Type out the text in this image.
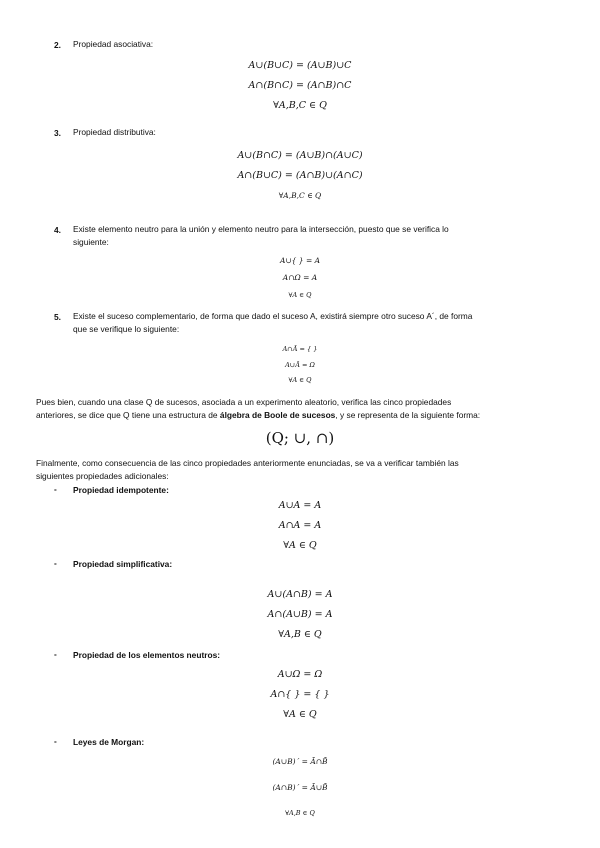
2. Propiedad asociativa:
A∪(B∪C) = (A∪B)∪C
A∩(B∩C) = (A∩B)∩C
∀A,B,C ∈ Q
3. Propiedad distributiva:
A∪(B∩C) = (A∪B)∩(A∪C)
A∩(B∪C) = (A∩B)∪(A∩C)
∀A,B,C ∈ Q
4. Existe elemento neutro para la unión y elemento neutro para la intersección, puesto que se verifica lo
siguiente:
A∪{ } = A
A∩Ω = A
∀A ∈ Q
5. Existe el suceso complementario, de forma que dado el suceso A, existirá siempre otro suceso A´, de forma
que se verifique lo siguiente:
A∩Ā = { }
A∪Ā = Ω
∀A ∈ Q
Pues bien, cuando una clase Q de sucesos, asociada a un experimento aleatorio, verifica las cinco propiedades
anteriores, se dice que Q tiene una estructura de álgebra de Boole de sucesos, y se representa de la siguiente forma:
(Q; ∪, ∩)
Finalmente, como consecuencia de las cinco propiedades anteriormente enunciadas, se va a verificar también las
siguientes propiedades adicionales:
- Propiedad idempotente:
A∪A = A
A∩A = A
∀A ∈ Q
- Propiedad simplificativa:
A∪(A∩B) = A
A∩(A∪B) = A
∀A,B ∈ Q
- Propiedad de los elementos neutros:
A∪Ω = Ω
A∩{ } = { }
∀A ∈ Q
- Leyes de Morgan:
(A∪B)´ = Ā∩B̄
(A∩B)´ = Ā∪B̄
∀A,B ∈ Q
